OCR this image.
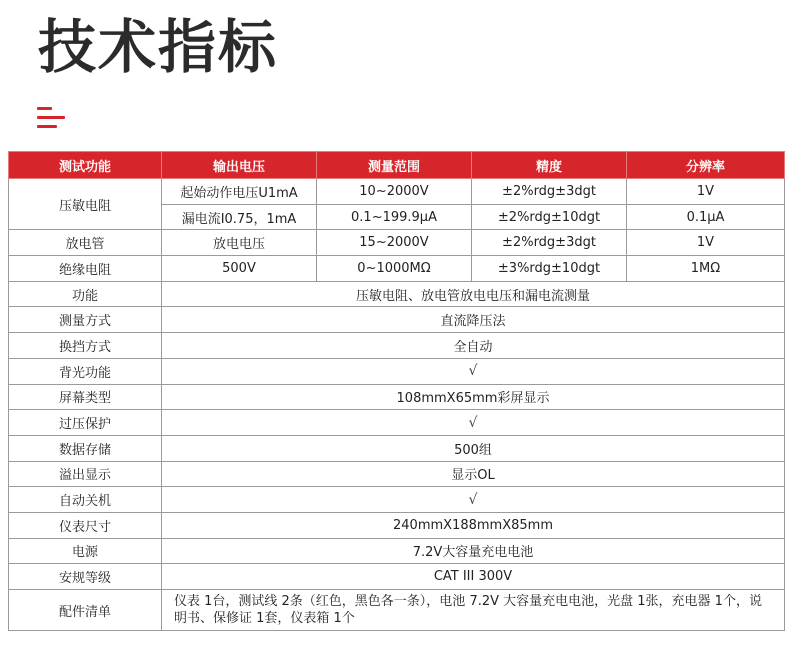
技术指标
测试功能	输出电压	测量范围	精度	分辨率
压敏电阻	起始动作电压U1mA	10~2000V	±2%rdg±3dgt	1V
	漏电流I0.75，1mA	0.1~199.9μA	±2%rdg±10dgt	0.1μA
放电管	放电电压	15~2000V	±2%rdg±3dgt	1V
绝缘电阻	500V	0~1000MΩ	±3%rdg±10dgt	1MΩ
功能	压敏电阻、放电管放电电压和漏电流测量			
测量方式	直流降压法			
换挡方式	全自动			
背光功能	√			
屏幕类型	108mmX65mm彩屏显示			
过压保护	√			
数据存储	500组			
溢出显示	显示OL			
自动关机	√			
仪表尺寸	240mmX188mmX85mm			
电源	7.2V大容量充电电池			
安规等级	CAT III 300V			
配件清单	仪表 1台，测试线 2条（红色，黑色各一条），电池 7.2V 大容量充电电池，光盘 1张，充电器 1个，说明书、保修证 1套，仪表箱 1个			
